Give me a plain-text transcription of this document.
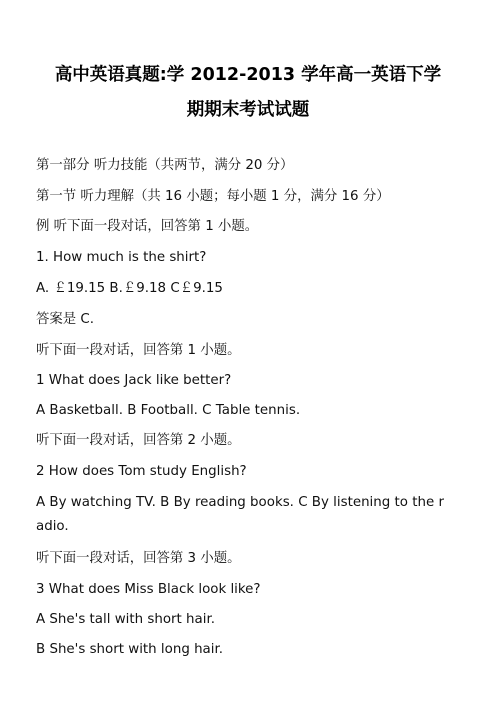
高中英语真题:学 2012-2013 学年高一英语下学
期期末考试试题
第一部分 听力技能（共两节，满分 20 分）
第一节 听力理解（共 16 小题；每小题 1 分，满分 16 分）
例 听下面一段对话，回答第 1 小题。
1. How much is the shirt?
A. ￡19.15 B.￡9.18 C￡9.15
答案是 C.
听下面一段对话，回答第 1 小题。
1 What does Jack like better?
A Basketball. B Football. C Table tennis.
听下面一段对话，回答第 2 小题。
2 How does Tom study English?
A By watching TV. B By reading books. C By listening to the r
adio.
听下面一段对话，回答第 3 小题。
3 What does Miss Black look like?
A She's tall with short hair.
B She's short with long hair.
